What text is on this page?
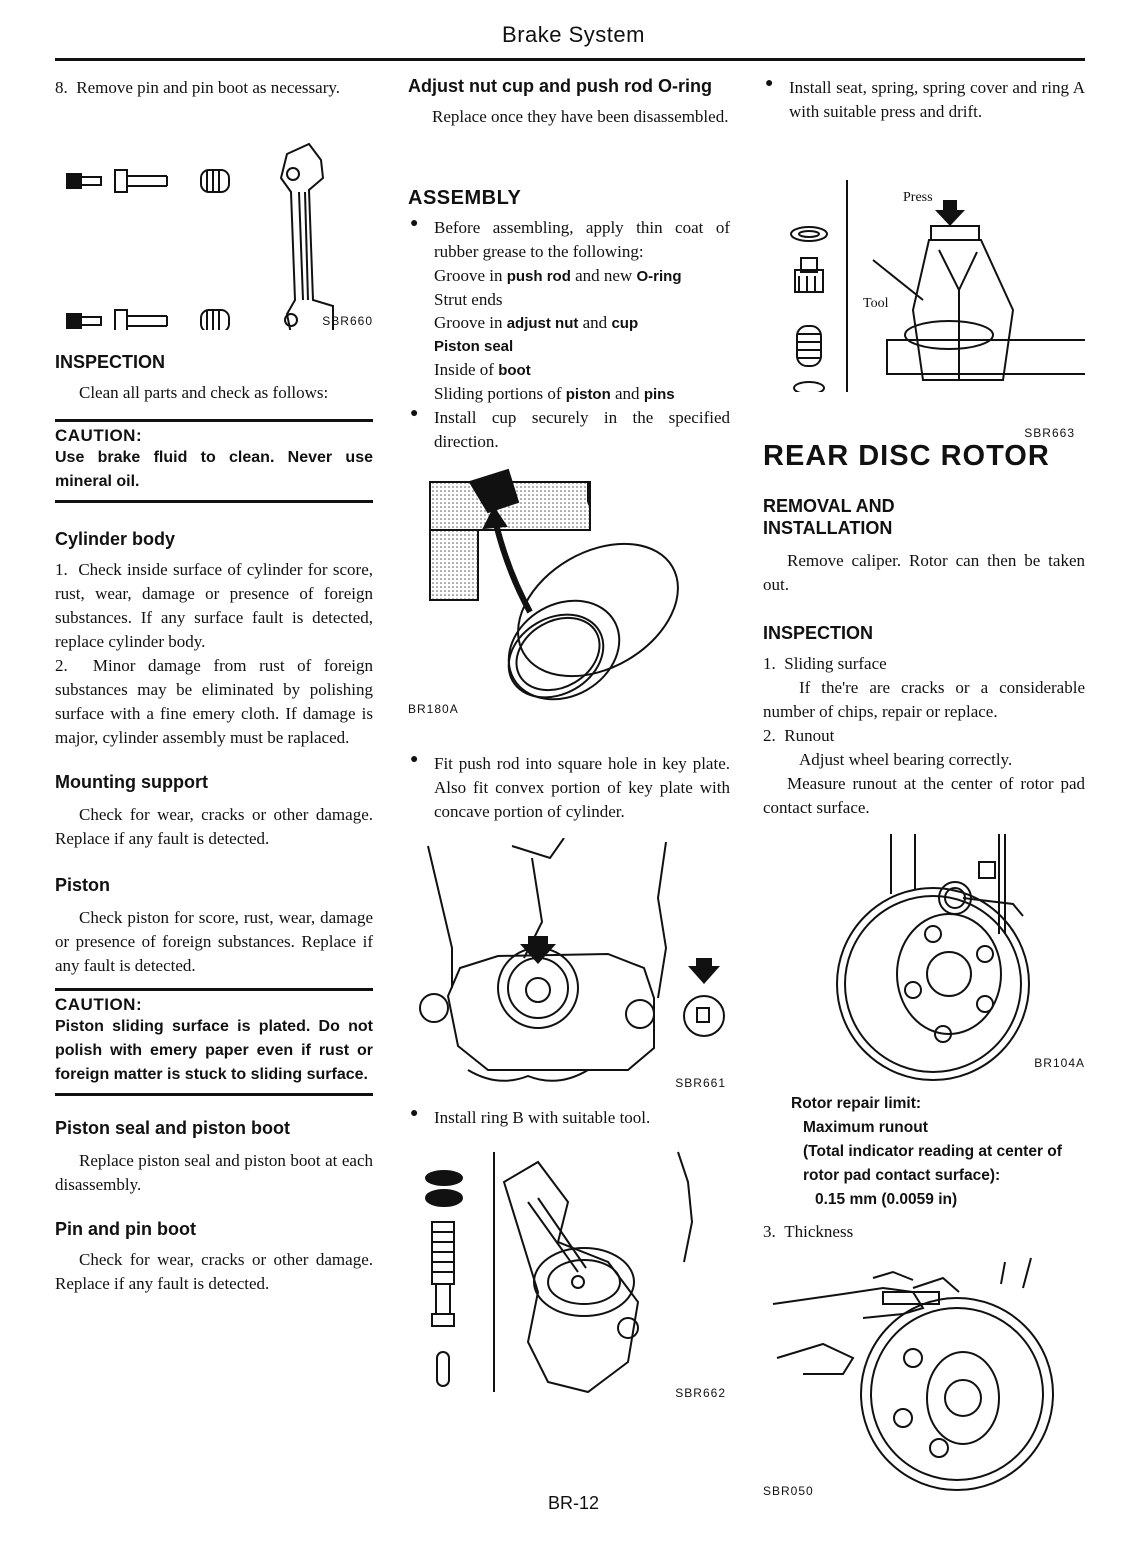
Brake System

8.  Remove pin and pin boot as necessary.

SBR660
INSPECTION

Clean all parts and check as follows:

CAUTION:
Use brake fluid to clean. Never use mineral oil.
Cylinder body

1.  Check inside surface of cylinder for score, rust, wear, damage or presence of foreign substances. If any surface fault is detected, replace cylinder body.

2.  Minor damage from rust of foreign substances may be eliminated by polishing surface with a fine emery cloth. If damage is major, cylinder assembly must be raplaced.

Mounting support

Check for wear, cracks or other damage. Replace if any fault is detected.

Piston

Check piston for score, rust, wear, damage or presence of foreign substances. Replace if any fault is detected.

CAUTION:
Piston sliding surface is plated. Do not polish with emery paper even if rust or foreign matter is stuck to sliding surface.
Piston seal and piston boot

Replace piston seal and piston boot at each disassembly.

Pin and pin boot

Check for wear, cracks or other damage. Replace if any fault is detected.

Adjust nut cup and push rod O-ring

Replace once they have been disassembled.

ASSEMBLY
● Before assembling, apply thin coat of rubber grease to the following:

Groove in push rod and new O-ring
Strut ends
Groove in adjust nut and cup
Piston seal
Inside of boot
Sliding portions of piston and pins
● Install cup securely in the specified direction.

BR180A
● Fit push rod into square hole in key plate. Also fit convex portion of key plate with concave portion of cylinder.

SBR661
● Install ring B with suitable tool.

SBR662
● Install seat, spring, spring cover and ring A with suitable press and drift.

Press
Tool
SBR663
REAR DISC ROTOR
REMOVAL AND INSTALLATION

Remove caliper. Rotor can then be taken out.

INSPECTION

1.  Sliding surface

If the're are cracks or a considerable number of chips, repair or replace.

2.  Runout

Adjust wheel bearing correctly.

Measure runout at the center of rotor pad contact surface.

BR104A
Rotor repair limit:
Maximum runout
(Total indicator reading at center of rotor pad contact surface):
0.15 mm (0.0059 in)

3.  Thickness

SBR050
BR-12
